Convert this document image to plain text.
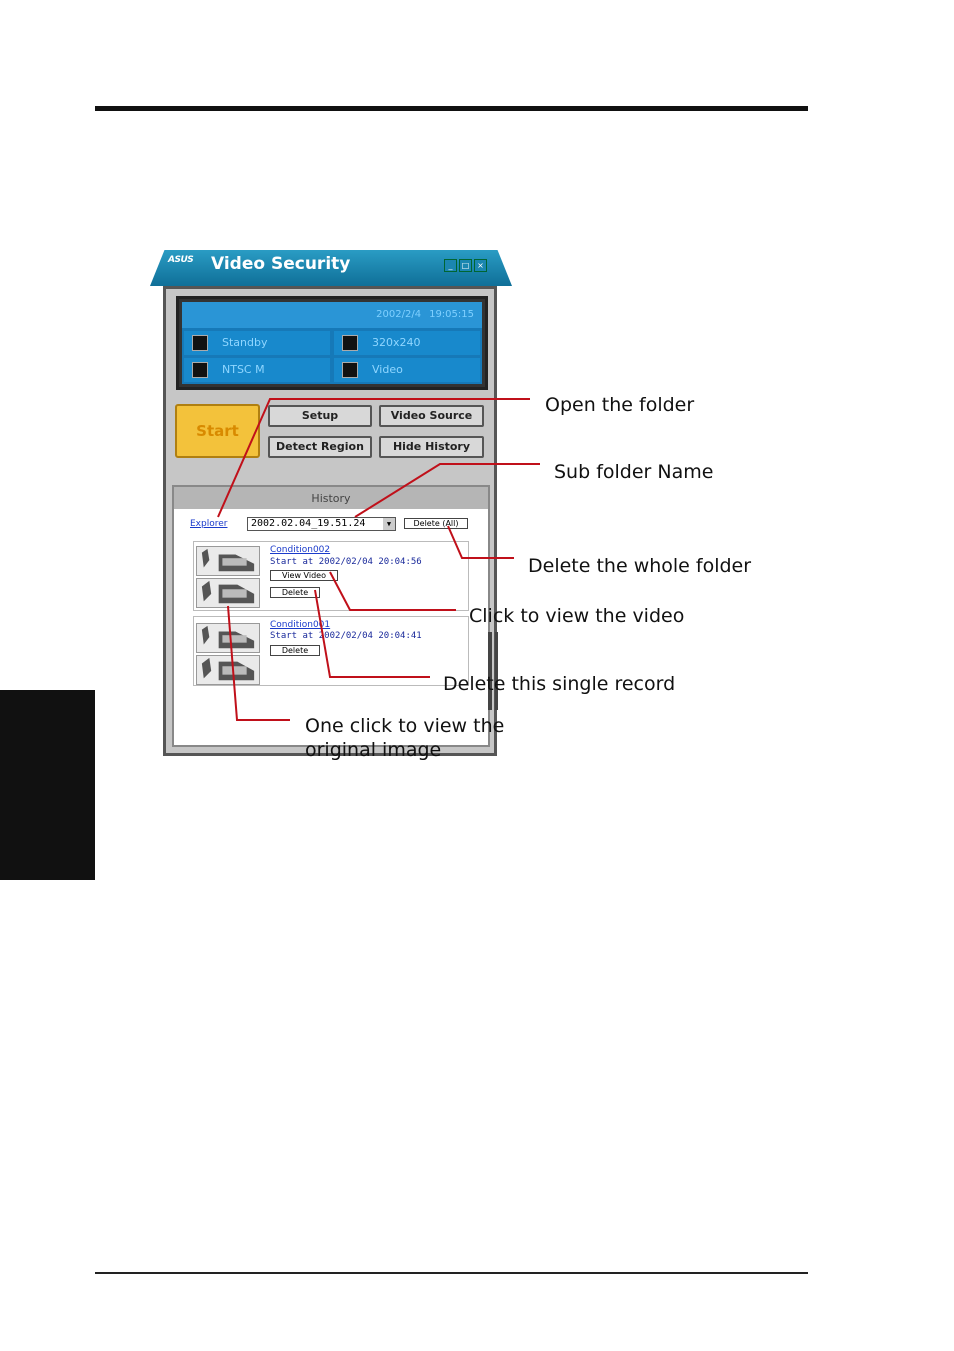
ASUS Video Security	_	□ ×
2002/2/4 19:05:15
Standby	320x240
NTSC M	Video
Start
Setup	Video Source
Detect Region	Hide History
History
Explorer	2002.02.04_19.51.24	▼	Delete (All)
Condition002
Start at 2002/02/04 20:04:56
View Video
Delete
Condition001
Start at 2002/02/04 20:04:41
Delete
Open the folder
Sub folder Name
Delete the whole folder
Click to view the video
Delete this single record
One click to view the
original image
